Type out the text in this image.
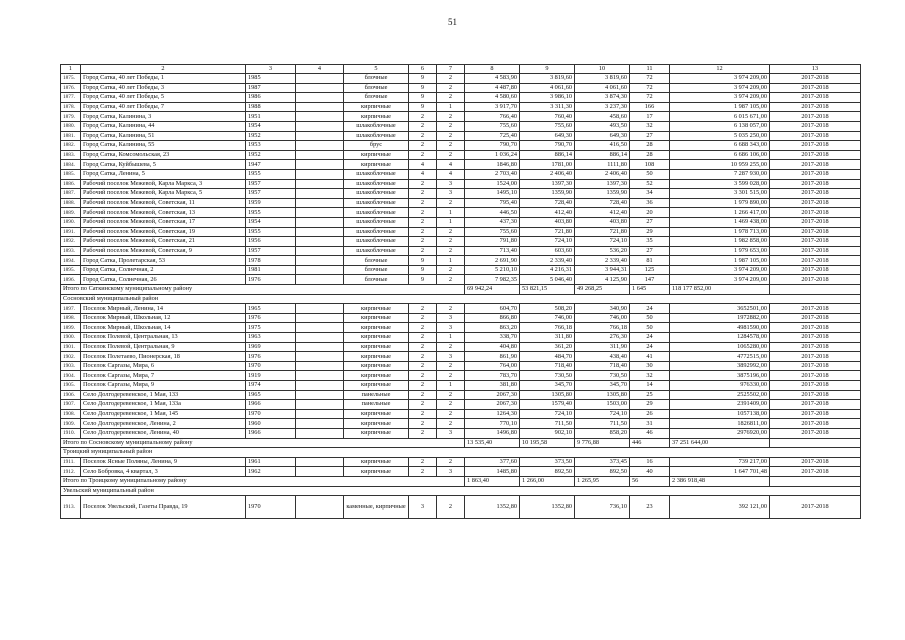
51
1	2	3	4	5	6	7	8	9	10	11	12	13
1875.	Город Сатка, 40 лет Победы, 1	1985		блочные	9	2	4 583,90	3 819,60	3 819,60	72	3 974 209,00	2017-2018
1876.	Город Сатка, 40 лет Победы, 3	1987		блочные	9	2	4 487,80	4 061,60	4 061,60	72	3 974 209,00	2017-2018
1877.	Город Сатка, 40 лет Победы, 5	1986		блочные	9	2	4 580,60	3 986,10	3 874,30	72	3 974 209,00	2017-2018
1878.	Город Сатка, 40 лет Победы, 7	1988		кирпичные	9	1	3 917,70	3 311,30	3 237,30	166	1 987 105,00	2017-2018
1879.	Город Сатка, Калинина, 3	1951		кирпичные	2	2	766,40	760,40	458,60	17	6 015 671,00	2017-2018
1880.	Город Сатка, Калинина, 44	1954		шлакоблочные	2	2	755,60	755,60	493,50	32	6 138 057,00	2017-2018
1881.	Город Сатка, Калинина, 51	1952		шлакоблочные	2	2	725,40	649,30	649,30	27	5 035 250,00	2017-2018
1882.	Город Сатка, Калинина, 55	1953		брус	2	2	790,70	790,70	416,50	28	6 688 343,00	2017-2018
1883.	Город Сатка, Комсомольская, 23	1952		кирпичные	2	2	1 036,24	886,14	886,14	28	6 686 106,00	2017-2018
1884.	Город Сатка, Куйбышева, 5	1947		кирпичные	4	4	1846,80	1781,00	1111,80	108	10 959 255,00	2017-2018
1885.	Город Сатка, Ленина, 5	1955		шлакоблочные	4	4	2 703,40	2 406,40	2 406,40	50	7 287 930,00	2017-2018
1886.	Рабочий поселок Межевой, Карла Маркса, 3	1957		шлакоблочные	2	3	1524,00	1397,30	1397,30	52	3 599 028,00	2017-2018
1887.	Рабочий поселок Межевой, Карла Маркса, 5	1957		шлакоблочные	2	3	1495,10	1359,90	1359,90	34	3 301 515,00	2017-2018
1888.	Рабочий поселок Межевой, Советская, 11	1959		шлакоблочные	2	2	795,40	728,40	728,40	36	1 979 890,00	2017-2018
1889.	Рабочий поселок Межевой, Советская, 13	1955		шлакоблочные	2	1	446,50	412,40	412,40	20	1 266 417,00	2017-2018
1890.	Рабочий поселок Межевой, Советская, 17	1954		шлакоблочные	2	1	437,30	403,80	403,80	27	1 469 438,00	2017-2018
1891.	Рабочий поселок Межевой, Советская, 19	1955		шлакоблочные	2	2	755,60	721,80	721,80	29	1 978 713,00	2017-2018
1892.	Рабочий поселок Межевой, Советская, 21	1956		шлакоблочные	2	2	791,80	724,10	724,10	35	1 982 858,00	2017-2018
1893.	Рабочий поселок Межевой, Советская, 9	1957		шлакоблочные	2	2	713,40	603,60	536,20	27	1 979 653,00	2017-2018
1894.	Город Сатка, Пролетарская, 53	1978		блочные	9	1	2 691,90	2 339,40	2 339,40	81	1 987 105,00	2017-2018
1895.	Город Сатка, Солнечная, 2	1981		блочные	9	2	5 210,10	4 216,31	3 944,31	125	3 974 209,00	2017-2018
1896.	Город Сатка, Солнечная, 26	1976		блочные	9	2	7 982,35	5 046,40	4 125,90	147	3 974 209,00	2017-2018
Итого по Саткинскому муниципальному району							69 942,24	53 821,15	49 268,25	1 645	118 177 852,00	
Сосновский муниципальный район												
1897.	Поселок Мирный, Ленина, 14	1965		кирпичные	2	2	604,70	508,20	340,90	24	3652501,00	2017-2018
1898.	Поселок Мирный, Школьная, 12	1976		кирпичные	2	3	866,80	746,00	746,00	50	1972882,00	2017-2018
1899.	Поселок Мирный, Школьная, 14	1975		кирпичные	2	3	863,20	766,18	766,18	50	4981590,00	2017-2018
1900.	Поселок Полевой, Центральная, 13	1963		кирпичные	2	1	338,70	311,80	276,30	24	1284578,00	2017-2018
1901.	Поселок Полевой, Центральная, 9	1969		кирпичные	2	2	404,80	361,20	311,90	24	1065280,00	2017-2018
1902.	Поселок Полетаево, Пионерская, 18	1976		кирпичные	2	3	861,90	484,70	438,40	41	4772515,00	2017-2018
1903.	Поселок Саргазы, Мира, 6	1970		кирпичные	2	2	764,00	718,40	718,40	30	3892992,00	2017-2018
1904.	Поселок Саргазы, Мира, 7	1919		кирпичные	2	2	783,70	730,50	730,50	32	3875196,00	2017-2018
1905.	Поселок Саргазы, Мира, 9	1974		кирпичные	2	1	381,80	345,70	345,70	14	976330,00	2017-2018
1906.	Село Долгодеревенское, 1 Мая, 133	1965		панельные	2	2	2067,30	1305,80	1305,80	25	2525502,00	2017-2018
1907.	Село Долгодеревенское, 1 Мая, 133а	1966		панельные	2	2	2067,30	1579,40	1503,00	29	2391409,00	2017-2018
1908.	Село Долгодеревенское, 1 Мая, 145	1970		кирпичные	2	2	1264,30	724,10	724,10	26	1057138,00	2017-2018
1909.	Село Долгодеревенское, Ленина, 2	1960		кирпичные	2	2	770,10	711,50	711,50	31	1826811,00	2017-2018
1910.	Село Долгодеревенское, Ленина, 40	1966		кирпичные	2	3	1496,80	902,10	858,20	46	2976920,00	2017-2018
Итого по Сосновскому муниципальному району							13 535,40	10 195,58	9 776,88	446	37 251 644,00	
Троицкий муниципальный район												
1911.	Поселок Ясные Поляны, Ленина, 9	1961		кирпичные	2	2	377,60	373,50	373,45	16	739 217,00	2017-2018
1912.	Село Бобровка, 4 квартал, 3	1962		кирпичные	2	3	1485,80	892,50	892,50	40	1 647 701,48	2017-2018
Итого по Троицкому муниципальному району							1 863,40	1 266,00	1 265,95	56	2 386 918,48	
Увельский муниципальный район												
1913.	Поселок Увельский, Газеты Правда, 19	1970		каменные, кирпичные	3	2	1352,80	1352,80	736,10	23	392 121,00	2017-2018
